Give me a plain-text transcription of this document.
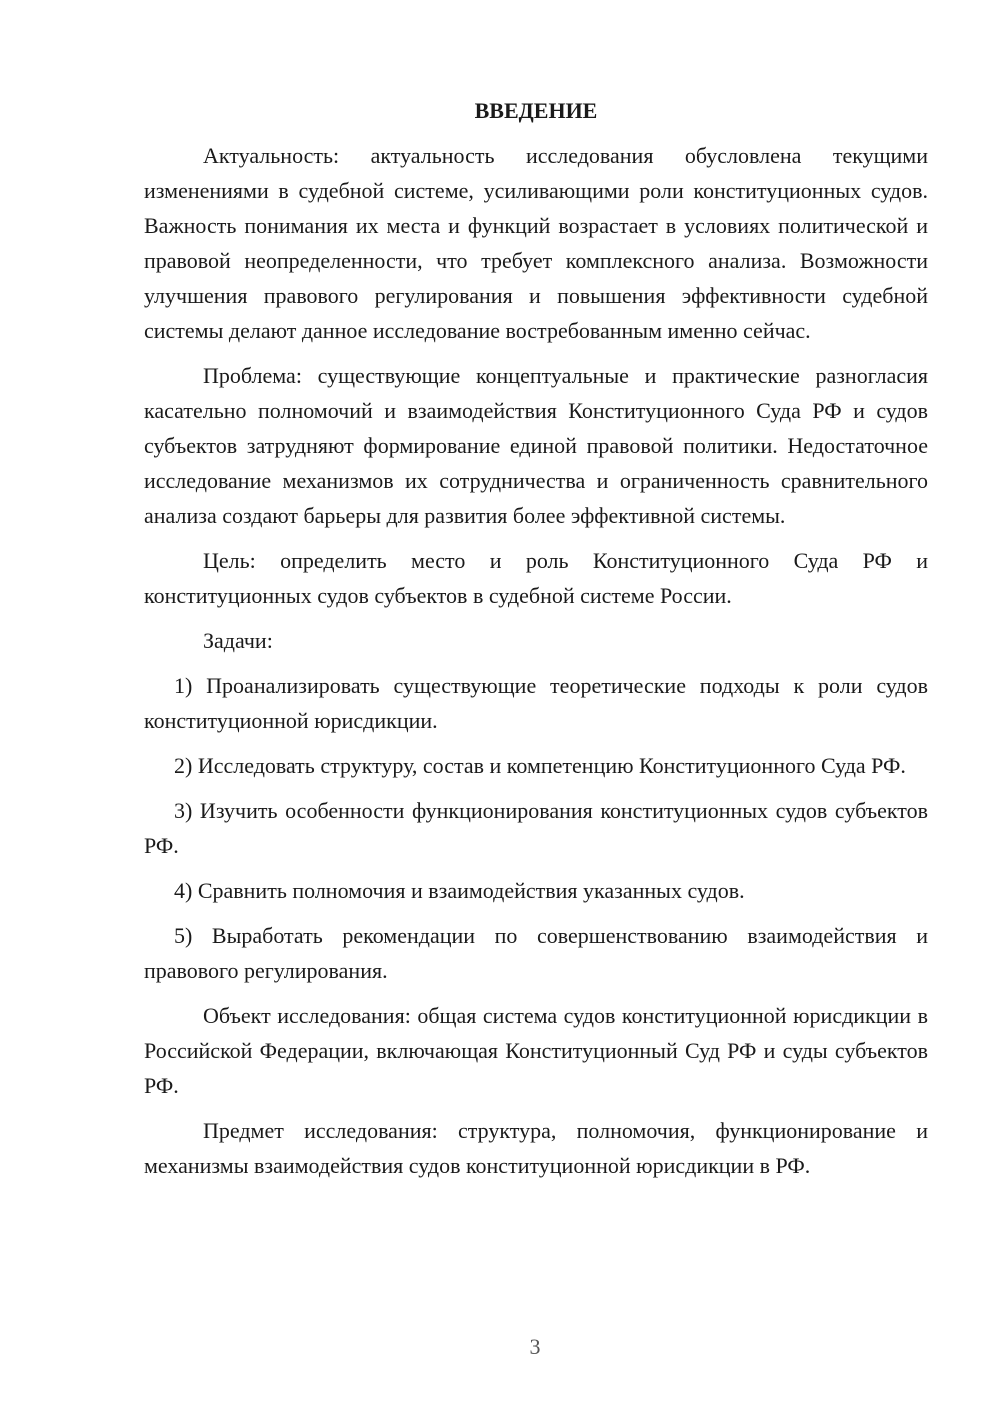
ВВЕДЕНИЕ

Актуальность: актуальность исследования обусловлена текущими изменениями в судебной системе, усиливающими роли конституционных судов. Важность понимания их места и функций возрастает в условиях политической и правовой неопределенности, что требует комплексного анализа. Возможности улучшения правового регулирования и повышения эффективности судебной системы делают данное исследование востребованным именно сейчас.

Проблема: существующие концептуальные и практические разногласия касательно полномочий и взаимодействия Конституционного Суда РФ и судов субъектов затрудняют формирование единой правовой политики. Недостаточное исследование механизмов их сотрудничества и ограниченность сравнительного анализа создают барьеры для развития более эффективной системы.

Цель: определить место и роль Конституционного Суда РФ и конституционных судов субъектов в судебной системе России.

Задачи:

1) Проанализировать существующие теоретические подходы к роли судов конституционной юрисдикции.

2) Исследовать структуру, состав и компетенцию Конституционного Суда РФ.

3) Изучить особенности функционирования конституционных судов субъектов РФ.

4) Сравнить полномочия и взаимодействия указанных судов.

5) Выработать рекомендации по совершенствованию взаимодействия и правового регулирования.

Объект исследования: общая система судов конституционной юрисдикции в Российской Федерации, включающая Конституционный Суд РФ и суды субъектов РФ.

Предмет исследования: структура, полномочия, функционирование и механизмы взаимодействия судов конституционной юрисдикции в РФ.

3
